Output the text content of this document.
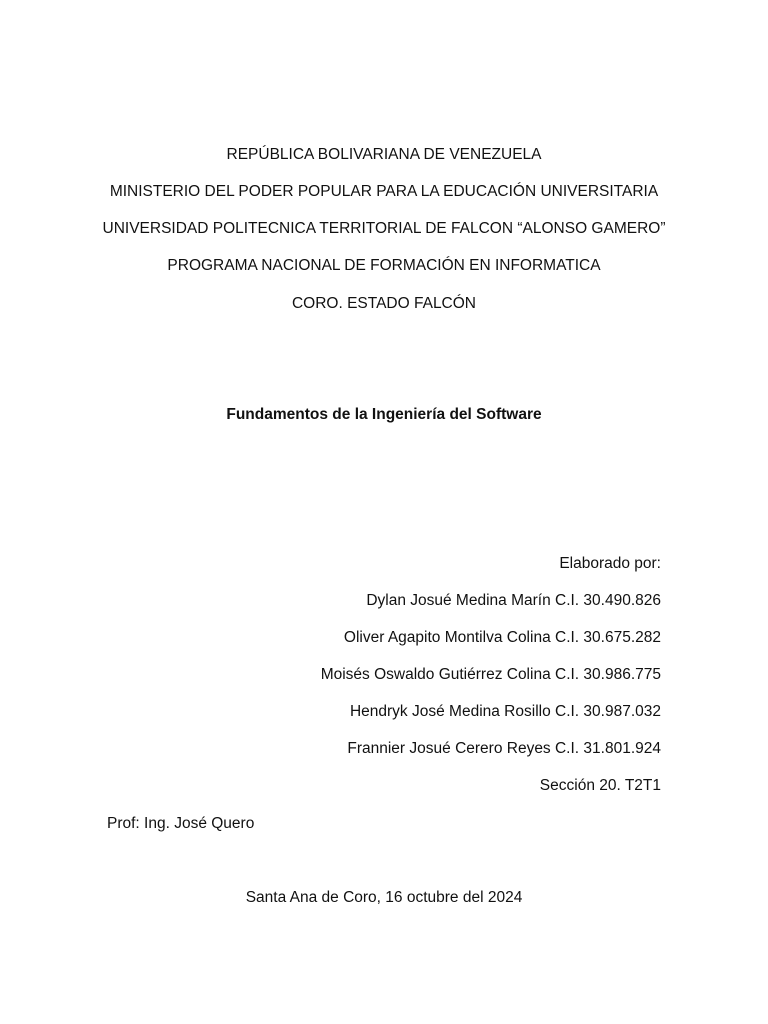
REPÚBLICA BOLIVARIANA DE VENEZUELA
MINISTERIO DEL PODER POPULAR PARA LA EDUCACIÓN UNIVERSITARIA
UNIVERSIDAD POLITECNICA TERRITORIAL DE FALCON “ALONSO GAMERO”
PROGRAMA NACIONAL DE FORMACIÓN EN INFORMATICA
CORO. ESTADO FALCÓN
Fundamentos de la Ingeniería del Software
Elaborado por:
Dylan Josué Medina Marín C.I. 30.490.826
Oliver Agapito Montilva Colina C.I. 30.675.282
Moisés Oswaldo Gutiérrez Colina C.I. 30.986.775
Hendryk José Medina Rosillo C.I. 30.987.032
Frannier Josué Cerero Reyes C.I. 31.801.924
Sección 20. T2T1
Prof: Ing. José Quero
Santa Ana de Coro, 16 octubre del 2024
